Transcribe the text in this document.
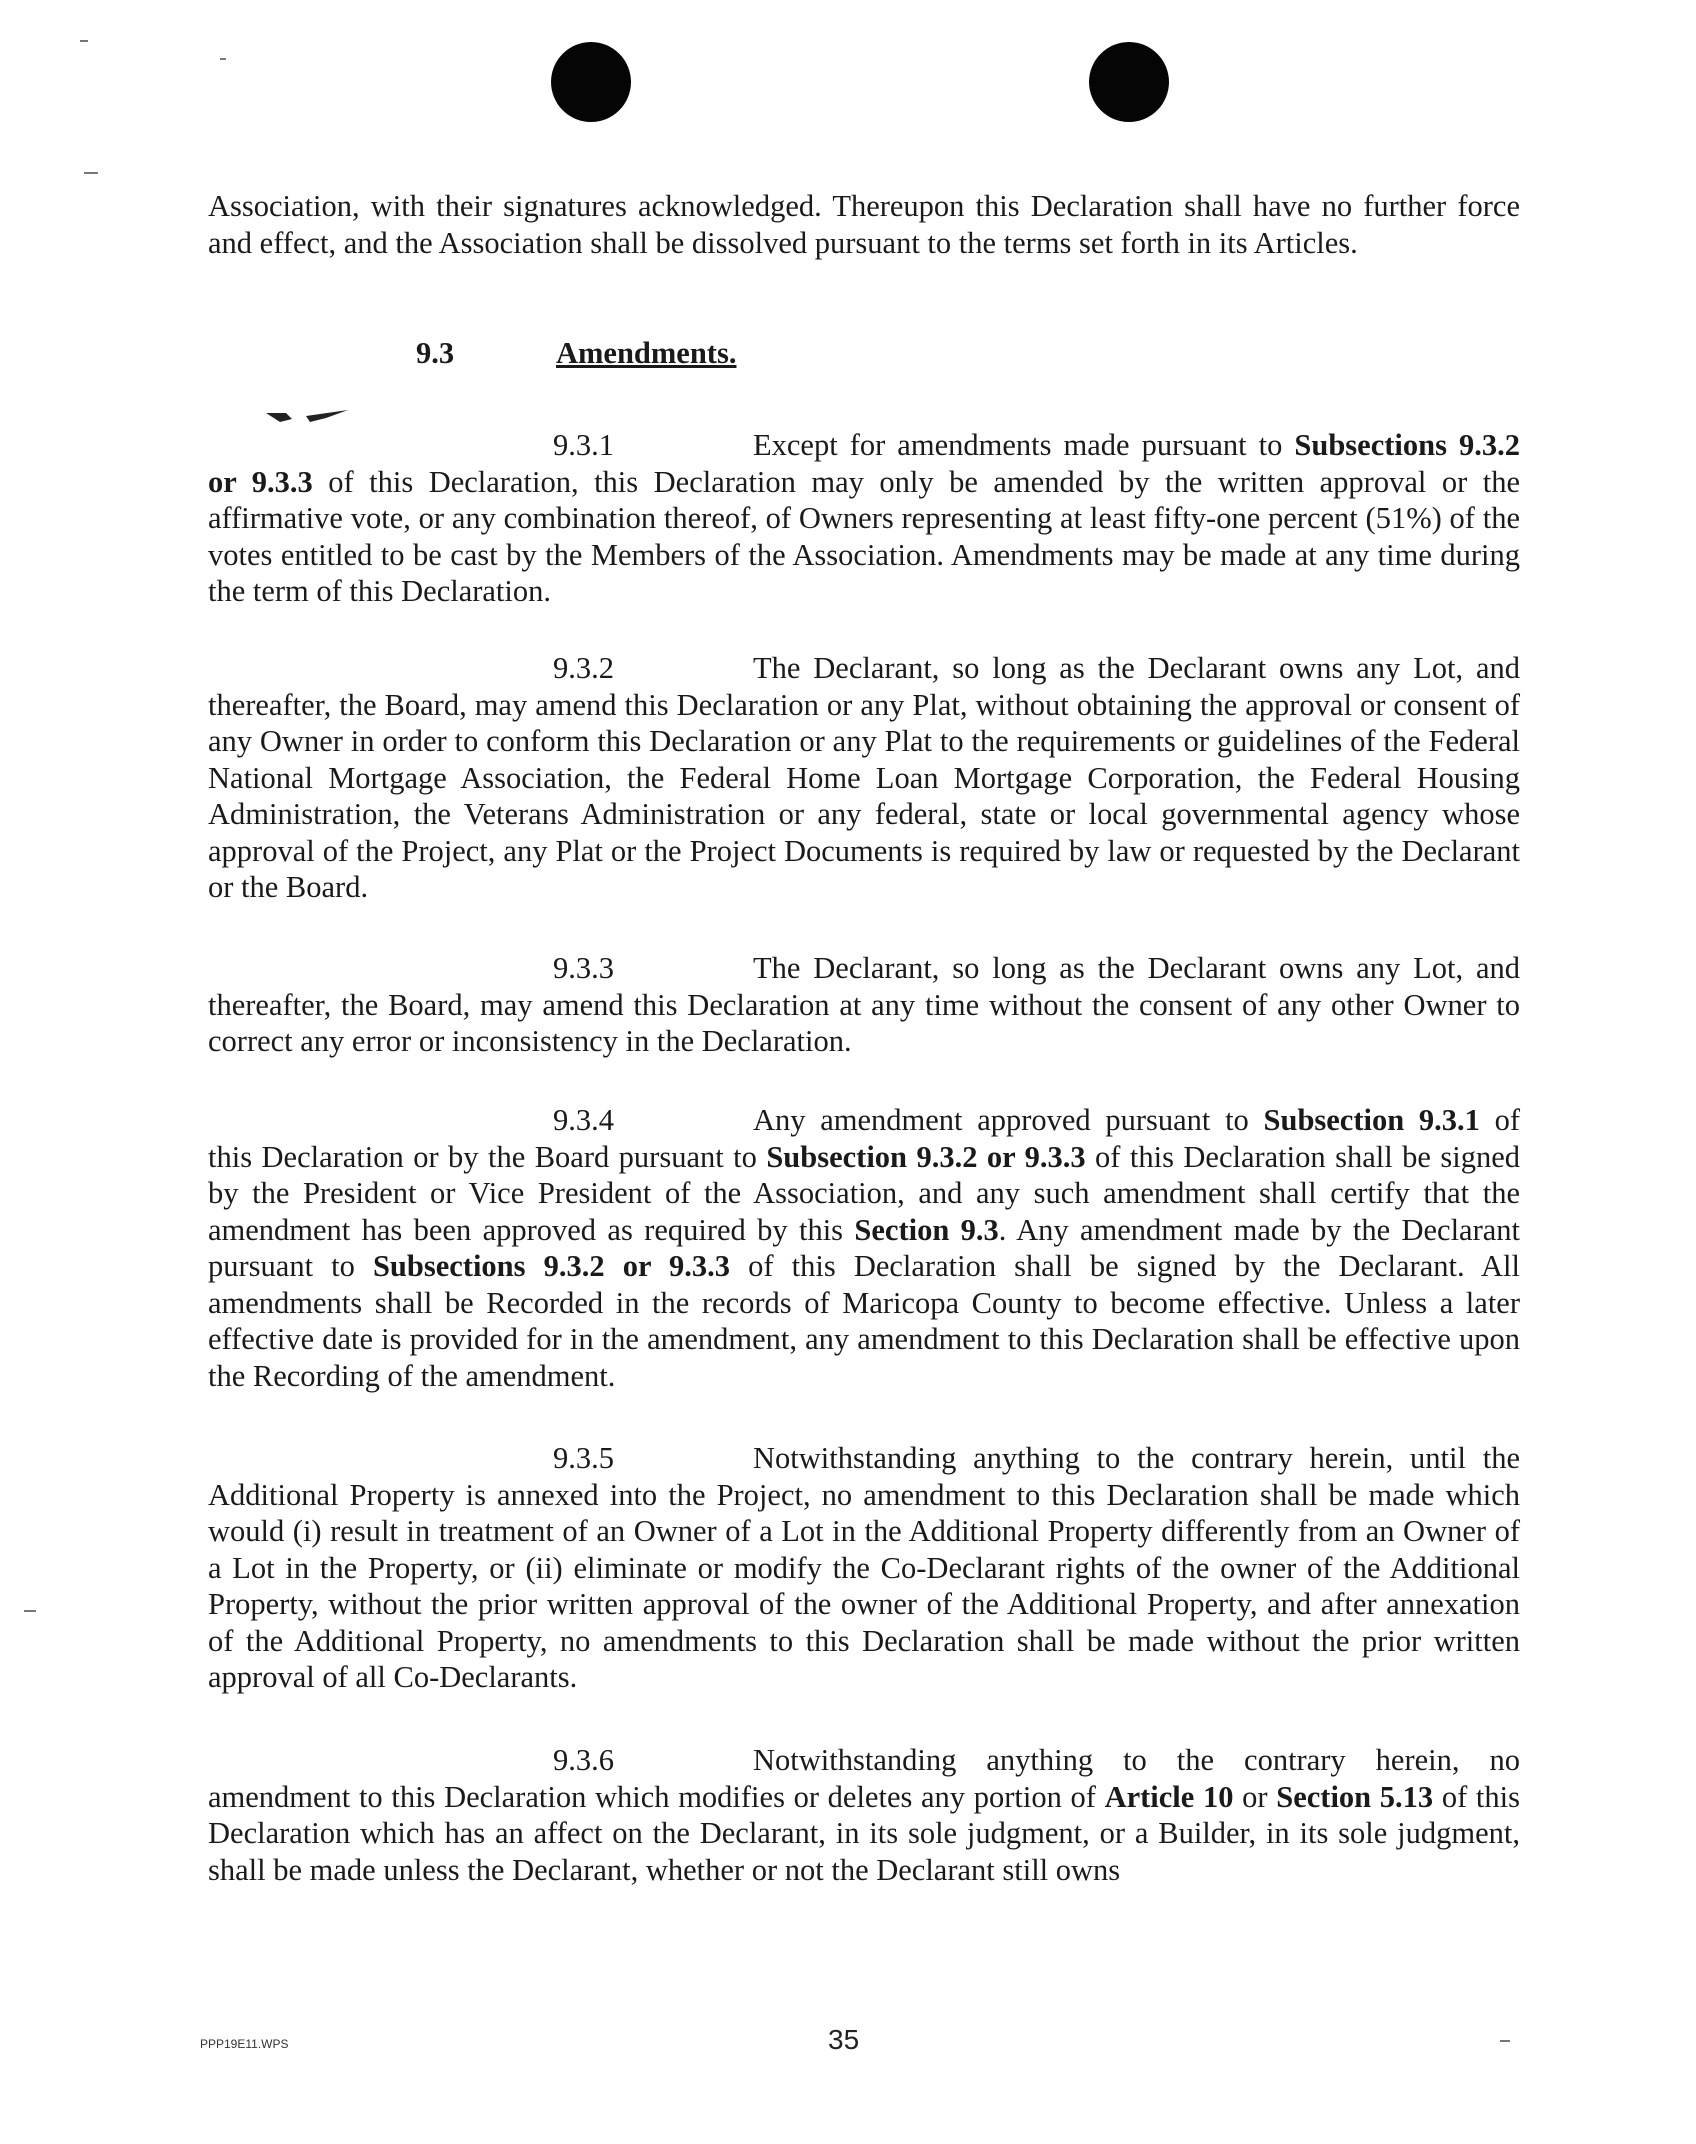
Association, with their signatures acknowledged. Thereupon this Declaration shall have no further force and effect, and the Association shall be dissolved pursuant to the terms set forth in its Articles.

9.3	Amendments.

9.3.1	Except for amendments made pursuant to Subsections 9.3.2 or 9.3.3 of this Declaration, this Declaration may only be amended by the written approval or the affirmative vote, or any combination thereof, of Owners representing at least fifty-one percent (51%) of the votes entitled to be cast by the Members of the Association. Amendments may be made at any time during the term of this Declaration.

9.3.2	The Declarant, so long as the Declarant owns any Lot, and thereafter, the Board, may amend this Declaration or any Plat, without obtaining the approval or consent of any Owner in order to conform this Declaration or any Plat to the requirements or guidelines of the Federal National Mortgage Association, the Federal Home Loan Mortgage Corporation, the Federal Housing Administration, the Veterans Administration or any federal, state or local governmental agency whose approval of the Project, any Plat or the Project Documents is required by law or requested by the Declarant or the Board.

9.3.3	The Declarant, so long as the Declarant owns any Lot, and thereafter, the Board, may amend this Declaration at any time without the consent of any other Owner to correct any error or inconsistency in the Declaration.

9.3.4	Any amendment approved pursuant to Subsection 9.3.1 of this Declaration or by the Board pursuant to Subsection 9.3.2 or 9.3.3 of this Declaration shall be signed by the President or Vice President of the Association, and any such amendment shall certify that the amendment has been approved as required by this Section 9.3. Any amendment made by the Declarant pursuant to Subsections 9.3.2 or 9.3.3 of this Declaration shall be signed by the Declarant. All amendments shall be Recorded in the records of Maricopa County to become effective. Unless a later effective date is provided for in the amendment, any amendment to this Declaration shall be effective upon the Recording of the amendment.

9.3.5	Notwithstanding anything to the contrary herein, until the Additional Property is annexed into the Project, no amendment to this Declaration shall be made which would (i) result in treatment of an Owner of a Lot in the Additional Property differently from an Owner of a Lot in the Property, or (ii) eliminate or modify the Co-Declarant rights of the owner of the Additional Property, without the prior written approval of the owner of the Additional Property, and after annexation of the Additional Property, no amendments to this Declaration shall be made without the prior written approval of all Co-Declarants.

9.3.6	Notwithstanding anything to the contrary herein, no amendment to this Declaration which modifies or deletes any portion of Article 10 or Section 5.13 of this Declaration which has an affect on the Declarant, in its sole judgment, or a Builder, in its sole judgment, shall be made unless the Declarant, whether or not the Declarant still owns

PPP19E11.WPS	35
